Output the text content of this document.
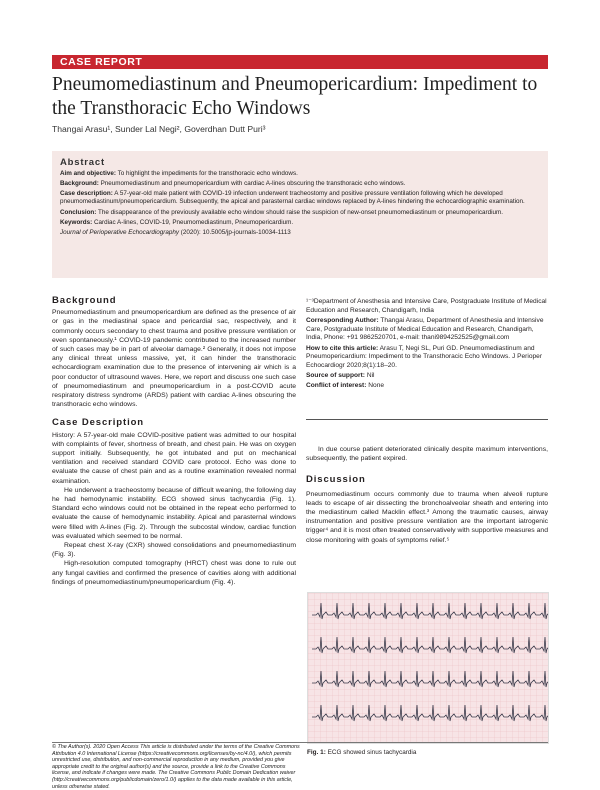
CASE REPORT
Pneumomediastinum and Pneumopericardium: Impediment to the Transthoracic Echo Windows
Thangai Arasu¹, Sunder Lal Negi², Goverdhan Dutt Puri³
Abstract

Aim and objective: To highlight the impediments for the transthoracic echo windows.

Background: Pneumomediastinum and pneumopericardium with cardiac A-lines obscuring the transthoracic echo windows.

Case description: A 57-year-old male patient with COVID-19 infection underwent tracheostomy and positive pressure ventilation following which he developed pneumomediastinum/pneumopericardium. Subsequently, the apical and parasternal cardiac windows replaced by A-lines hindering the echocardiographic examination.

Conclusion: The disappearance of the previously available echo window should raise the suspicion of new-onset pneumomediastinum or pneumopericardium.

Keywords: Cardiac A-lines, COVID-19, Pneumomediastinum, Pneumopericardium.

Journal of Perioperative Echocardiography (2020): 10.5005/jp-journals-10034-1113

Background

Pneumomediastinum and pneumopericardium are defined as the presence of air or gas in the mediastinal space and pericardial sac, respectively, and it commonly occurs secondary to chest trauma and positive pressure ventilation or even spontaneously.¹ COVID-19 pandemic contributed to the increased number of such cases may be in part of alveolar damage.² Generally, it does not impose any clinical threat unless massive, yet, it can hinder the transthoracic echocardiogram examination due to the presence of intervening air which is a poor conductor of ultrasound waves. Here, we report and discuss one such case of pneumomediastinum and pneumopericardium in a post-COVID acute respiratory distress syndrome (ARDS) patient with cardiac A-lines obscuring the transthoracic echo windows.

Case Description

History: A 57-year-old male COVID-positive patient was admitted to our hospital with complaints of fever, shortness of breath, and chest pain. He was on oxygen support initially. Subsequently, he got intubated and put on mechanical ventilation and received standard COVID care protocol. Echo was done to evaluate the cause of chest pain and as a routine examination revealed normal examination.

He underwent a tracheostomy because of difficult weaning, the following day he had hemodynamic instability. ECG showed sinus tachycardia (Fig. 1). Standard echo windows could not be obtained in the repeat echo performed to evaluate the cause of hemodynamic instability. Apical and parasternal windows were filled with A-lines (Fig. 2). Through the subcostal window, cardiac function was evaluated which seemed to be normal.

Repeat chest X-ray (CXR) showed consolidations and pneumomediastinum (Fig. 3).

High-resolution computed tomography (HRCT) chest was done to rule out any fungal cavities and confirmed the presence of cavities along with additional findings of pneumomediastinum/pneumopericardium (Fig. 4).

¹⁻³Department of Anesthesia and Intensive Care, Postgraduate Institute of Medical Education and Research, Chandigarh, India

Corresponding Author: Thangai Arasu, Department of Anesthesia and Intensive Care, Postgraduate Institute of Medical Education and Research, Chandigarh, India, Phone: +91 9862520701, e-mail: thani9894252525@gmail.com

How to cite this article: Arasu T, Negi SL, Puri GD. Pneumomediastinum and Pneumopericardium: Impediment to the Transthoracic Echo Windows. J Perioper Echocardiogr 2020;8(1):18–20.

Source of support: Nil

Conflict of interest: None

In due course patient deteriorated clinically despite maximum interventions, subsequently, the patient expired.

Discussion

Pneumomediastinum occurs commonly due to trauma when alveoli rupture leads to escape of air dissecting the bronchoalveolar sheath and entering into the mediastinum called Macklin effect.³ Among the traumatic causes, airway instrumentation and positive pressure ventilation are the important iatrogenic trigger⁴ and it is most often treated conservatively with supportive measures and close monitoring with goals of symptoms relief.⁵

Fig. 1: ECG showed sinus tachycardia
© The Author(s). 2020 Open Access This article is distributed under the terms of the Creative Commons Attribution 4.0 International License (https://creativecommons.org/licenses/by-nc/4.0/), which permits unrestricted use, distribution, and non-commercial reproduction in any medium, provided you give appropriate credit to the original author(s) and the source, provide a link to the Creative Commons license, and indicate if changes were made. The Creative Commons Public Domain Dedication waiver (http://creativecommons.org/publicdomain/zero/1.0/) applies to the data made available in this article, unless otherwise stated.
